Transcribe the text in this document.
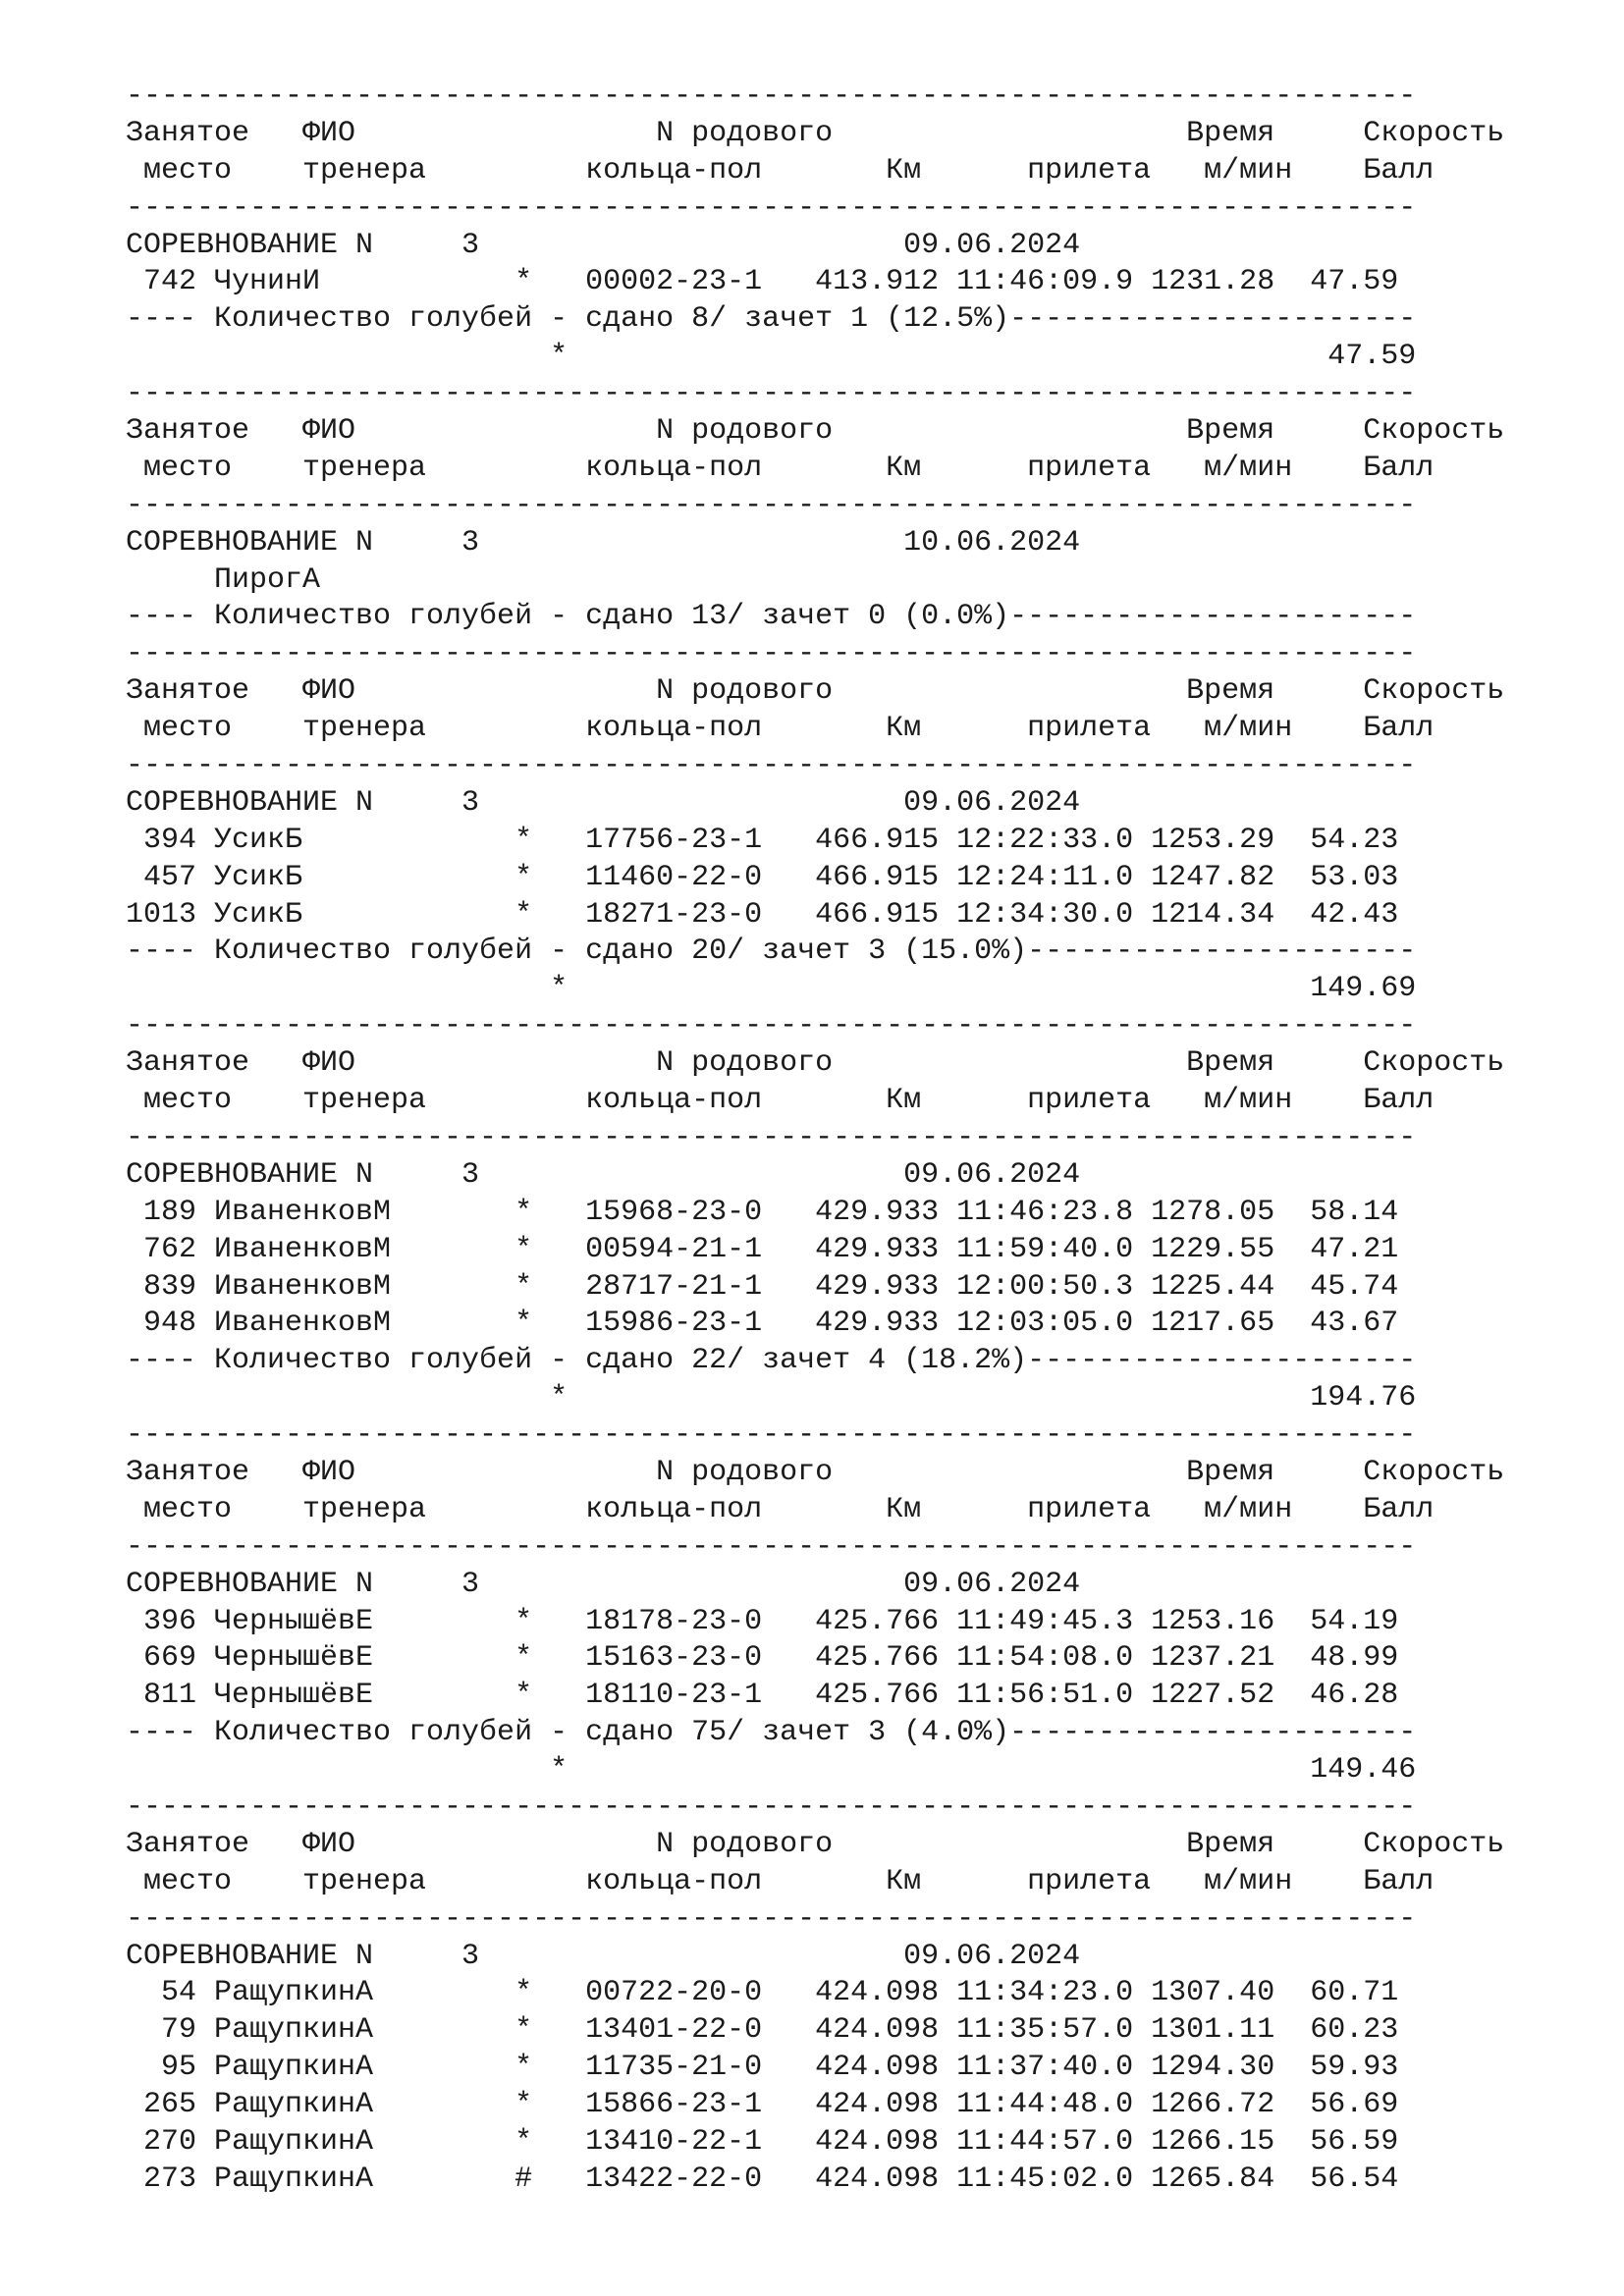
-------------------------------------------------------------------------
Занятое   ФИО                 N родового                    Время     Скорость
место    тренера         кольца-пол       Км      прилета   м/мин    Балл
-------------------------------------------------------------------------
СОРЕВНОВАНИЕ N     3                        09.06.2024
742 ЧунинИ           *   00002-23-1   413.912 11:46:09.9 1231.28  47.59
---- Количество голубей - сдано 8/ зачет 1 (12.5%)-----------------------
*                                           47.59
-------------------------------------------------------------------------
Занятое   ФИО                 N родового                    Время     Скорость
место    тренера         кольца-пол       Км      прилета   м/мин    Балл
-------------------------------------------------------------------------
СОРЕВНОВАНИЕ N     3                        10.06.2024
ПирогА
---- Количество голубей - сдано 13/ зачет 0 (0.0%)-----------------------
-------------------------------------------------------------------------
Занятое   ФИО                 N родового                    Время     Скорость
место    тренера         кольца-пол       Км      прилета   м/мин    Балл
-------------------------------------------------------------------------
СОРЕВНОВАНИЕ N     3                        09.06.2024
394 УсикБ            *   17756-23-1   466.915 12:22:33.0 1253.29  54.23
457 УсикБ            *   11460-22-0   466.915 12:24:11.0 1247.82  53.03
1013 УсикБ            *   18271-23-0   466.915 12:34:30.0 1214.34  42.43
---- Количество голубей - сдано 20/ зачет 3 (15.0%)----------------------
*                                          149.69
-------------------------------------------------------------------------
Занятое   ФИО                 N родового                    Время     Скорость
место    тренера         кольца-пол       Км      прилета   м/мин    Балл
-------------------------------------------------------------------------
СОРЕВНОВАНИЕ N     3                        09.06.2024
189 ИваненковМ       *   15968-23-0   429.933 11:46:23.8 1278.05  58.14
762 ИваненковМ       *   00594-21-1   429.933 11:59:40.0 1229.55  47.21
839 ИваненковМ       *   28717-21-1   429.933 12:00:50.3 1225.44  45.74
948 ИваненковМ       *   15986-23-1   429.933 12:03:05.0 1217.65  43.67
---- Количество голубей - сдано 22/ зачет 4 (18.2%)----------------------
*                                          194.76
-------------------------------------------------------------------------
Занятое   ФИО                 N родового                    Время     Скорость
место    тренера         кольца-пол       Км      прилета   м/мин    Балл
-------------------------------------------------------------------------
СОРЕВНОВАНИЕ N     3                        09.06.2024
396 ЧернышёвЕ        *   18178-23-0   425.766 11:49:45.3 1253.16  54.19
669 ЧернышёвЕ        *   15163-23-0   425.766 11:54:08.0 1237.21  48.99
811 ЧернышёвЕ        *   18110-23-1   425.766 11:56:51.0 1227.52  46.28
---- Количество голубей - сдано 75/ зачет 3 (4.0%)-----------------------
*                                          149.46
-------------------------------------------------------------------------
Занятое   ФИО                 N родового                    Время     Скорость
место    тренера         кольца-пол       Км      прилета   м/мин    Балл
-------------------------------------------------------------------------
СОРЕВНОВАНИЕ N     3                        09.06.2024
54 РащупкинА        *   00722-20-0   424.098 11:34:23.0 1307.40  60.71
79 РащупкинА        *   13401-22-0   424.098 11:35:57.0 1301.11  60.23
95 РащупкинА        *   11735-21-0   424.098 11:37:40.0 1294.30  59.93
265 РащупкинА        *   15866-23-1   424.098 11:44:48.0 1266.72  56.69
270 РащупкинА        *   13410-22-1   424.098 11:44:57.0 1266.15  56.59
273 РащупкинА        #   13422-22-0   424.098 11:45:02.0 1265.84  56.54
